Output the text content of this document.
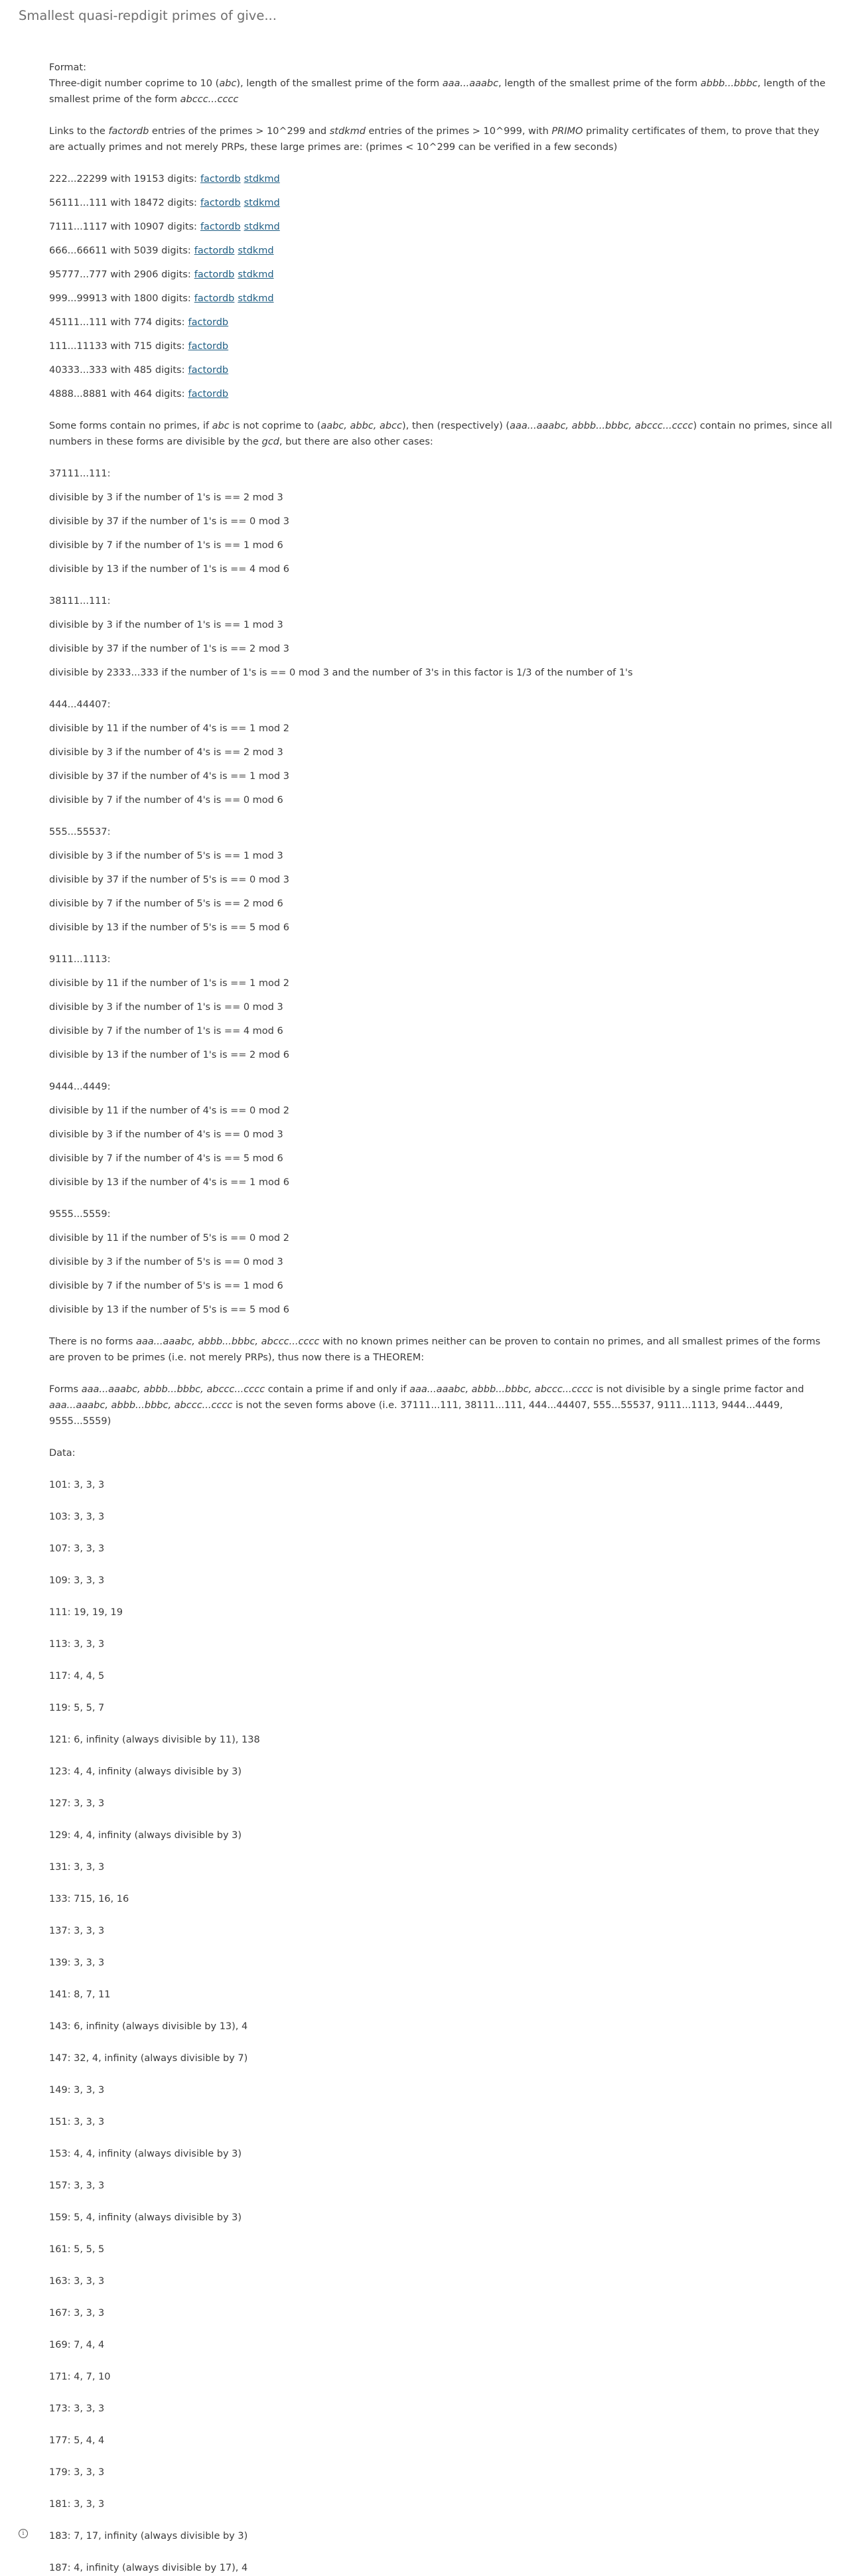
Smallest quasi-repdigit primes of give...

Format:

Three-digit number coprime to 10 (abc), length of the smallest prime of the form aaa...aaabc, length of the smallest prime of the form abbb...bbbc, length of the smallest prime of the form abccc...cccc

Links to the factordb entries of the primes > 10^299 and stdkmd entries of the primes > 10^999, with PRIMO primality certificates of them, to prove that they are actually primes and not merely PRPs, these large primes are: (primes < 10^299 can be verified in a few seconds)

222...22299 with 19153 digits: factordb stdkmd

56111...111 with 18472 digits: factordb stdkmd

7111...1117 with 10907 digits: factordb stdkmd

666...66611 with 5039 digits: factordb stdkmd

95777...777 with 2906 digits: factordb stdkmd

999...99913 with 1800 digits: factordb stdkmd

45111...111 with 774 digits: factordb

111...11133 with 715 digits: factordb

40333...333 with 485 digits: factordb

4888...8881 with 464 digits: factordb

Some forms contain no primes, if abc is not coprime to (aabc, abbc, abcc), then (respectively) (aaa...aaabc, abbb...bbbc, abccc...cccc) contain no primes, since all numbers in these forms are divisible by the gcd, but there are also other cases:

37111...111:

divisible by 3 if the number of 1's is == 2 mod 3

divisible by 37 if the number of 1's is == 0 mod 3

divisible by 7 if the number of 1's is == 1 mod 6

divisible by 13 if the number of 1's is == 4 mod 6

38111...111:

divisible by 3 if the number of 1's is == 1 mod 3

divisible by 37 if the number of 1's is == 2 mod 3

divisible by 2333...333 if the number of 1's is == 0 mod 3 and the number of 3's in this factor is 1/3 of the number of 1's

444...44407:

divisible by 11 if the number of 4's is == 1 mod 2

divisible by 3 if the number of 4's is == 2 mod 3

divisible by 37 if the number of 4's is == 1 mod 3

divisible by 7 if the number of 4's is == 0 mod 6

555...55537:

divisible by 3 if the number of 5's is == 1 mod 3

divisible by 37 if the number of 5's is == 0 mod 3

divisible by 7 if the number of 5's is == 2 mod 6

divisible by 13 if the number of 5's is == 5 mod 6

9111...1113:

divisible by 11 if the number of 1's is == 1 mod 2

divisible by 3 if the number of 1's is == 0 mod 3

divisible by 7 if the number of 1's is == 4 mod 6

divisible by 13 if the number of 1's is == 2 mod 6

9444...4449:

divisible by 11 if the number of 4's is == 0 mod 2

divisible by 3 if the number of 4's is == 0 mod 3

divisible by 7 if the number of 4's is == 5 mod 6

divisible by 13 if the number of 4's is == 1 mod 6

9555...5559:

divisible by 11 if the number of 5's is == 0 mod 2

divisible by 3 if the number of 5's is == 0 mod 3

divisible by 7 if the number of 5's is == 1 mod 6

divisible by 13 if the number of 5's is == 5 mod 6

There is no forms aaa...aaabc, abbb...bbbc, abccc...cccc with no known primes neither can be proven to contain no primes, and all smallest primes of the forms are proven to be primes (i.e. not merely PRPs), thus now there is a THEOREM:

Forms aaa...aaabc, abbb...bbbc, abccc...cccc contain a prime if and only if aaa...aaabc, abbb...bbbc, abccc...cccc is not divisible by a single prime factor and aaa...aaabc, abbb...bbbc, abccc...cccc is not the seven forms above (i.e. 37111...111, 38111...111, 444...44407, 555...55537, 9111...1113, 9444...4449, 9555...5559)

Data:

101: 3, 3, 3

103: 3, 3, 3

107: 3, 3, 3

109: 3, 3, 3

111: 19, 19, 19

113: 3, 3, 3

117: 4, 4, 5

119: 5, 5, 7

121: 6, infinity (always divisible by 11), 138

123: 4, 4, infinity (always divisible by 3)

127: 3, 3, 3

129: 4, 4, infinity (always divisible by 3)

131: 3, 3, 3

133: 715, 16, 16

137: 3, 3, 3

139: 3, 3, 3

141: 8, 7, 11

143: 6, infinity (always divisible by 13), 4

147: 32, 4, infinity (always divisible by 7)

149: 3, 3, 3

151: 3, 3, 3

153: 4, 4, infinity (always divisible by 3)

157: 3, 3, 3

159: 5, 4, infinity (always divisible by 3)

161: 5, 5, 5

163: 3, 3, 3

167: 3, 3, 3

169: 7, 4, 4

171: 4, 7, 10

173: 3, 3, 3

177: 5, 4, 4

179: 3, 3, 3

181: 3, 3, 3

183: 7, 17, infinity (always divisible by 3)

187: 4, infinity (always divisible by 17), 4

i
